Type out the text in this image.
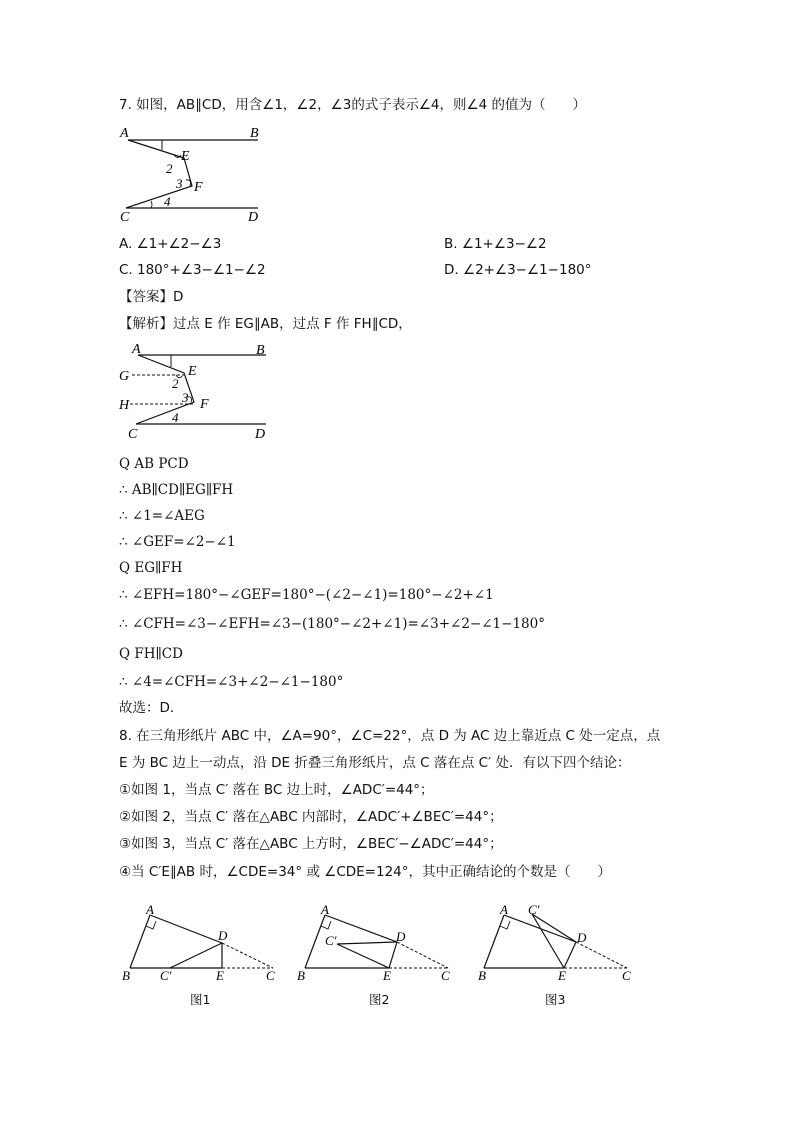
7. 如图，AB∥CD，用含∠1，∠2，∠3的式子表示∠4，则∠4 的值为（　　）
A	B
C	D
E
F
2
3
4
A. ∠1+∠2−∠3	B. ∠1+∠3−∠2
C. 180°+∠3−∠1−∠2	D. ∠2+∠3−∠1−180°
【答案】D
【解析】过点 E 作 EG∥AB，过点 F 作 FH∥CD，
A	B
C	D
E
F
G
H
2
3
4
Q AB PCD
∴ AB∥CD∥EG∥FH
∴ ∠1=∠AEG
∴ ∠GEF=∠2−∠1
Q EG∥FH
∴ ∠EFH=180°−∠GEF=180°−(∠2−∠1)=180°−∠2+∠1
∴ ∠CFH=∠3−∠EFH=∠3−(180°−∠2+∠1)=∠3+∠2−∠1−180°
Q FH∥CD
∴ ∠4=∠CFH=∠3+∠2−∠1−180°
故选：D．
8. 在三角形纸片 ABC 中，∠A=90°，∠C=22°，点 D 为 AC 边上靠近点 C 处一定点，点
E 为 BC 边上一动点，沿 DE 折叠三角形纸片，点 C 落在点 C′ 处．有以下四个结论：
①如图 1，当点 C′ 落在 BC 边上时，∠ADC′=44°；
②如图 2，当点 C′ 落在△ABC 内部时，∠ADC′+∠BEC′=44°；
③如图 3，当点 C′ 落在△ABC 上方时，∠BEC′−∠ADC′=44°；
④当 C′E∥AB 时，∠CDE=34° 或 ∠CDE=124°，其中正确结论的个数是（　　）
A
B	C
D
E
C′
图1
A
B	C
D
E
C′
图2
A
B	C
D
E
C′
图3
